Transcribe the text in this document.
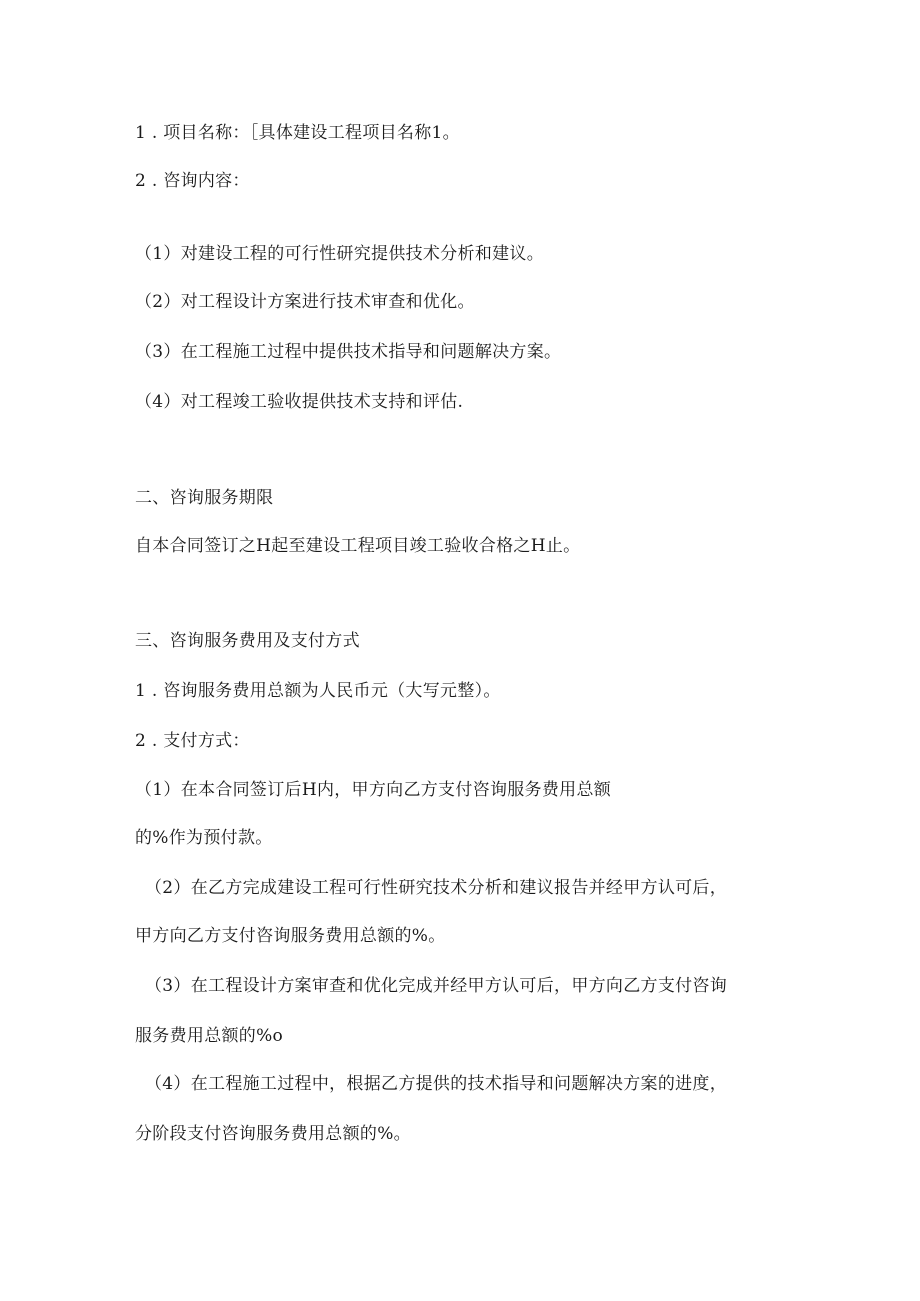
1 . 项目名称：［具体建设工程项目名称1。
2 . 咨询内容：
（1）对建设工程的可行性研究提供技术分析和建议。
（2）对工程设计方案进行技术审查和优化。
（3）在工程施工过程中提供技术指导和问题解决方案。
（4）对工程竣工验收提供技术支持和评估.
二、咨询服务期限
自本合同签订之H起至建设工程项目竣工验收合格之H止。
三、咨询服务费用及支付方式
1 . 咨询服务费用总额为人民币元（大写元整）。
2 . 支付方式：
（1）在本合同签订后H内，甲方向乙方支付咨询服务费用总额
的%作为预付款。
（2）在乙方完成建设工程可行性研究技术分析和建议报告并经甲方认可后，
甲方向乙方支付咨询服务费用总额的%。
（3）在工程设计方案审查和优化完成并经甲方认可后，甲方向乙方支付咨询
服务费用总额的%o
（4）在工程施工过程中，根据乙方提供的技术指导和问题解决方案的进度，
分阶段支付咨询服务费用总额的%。
